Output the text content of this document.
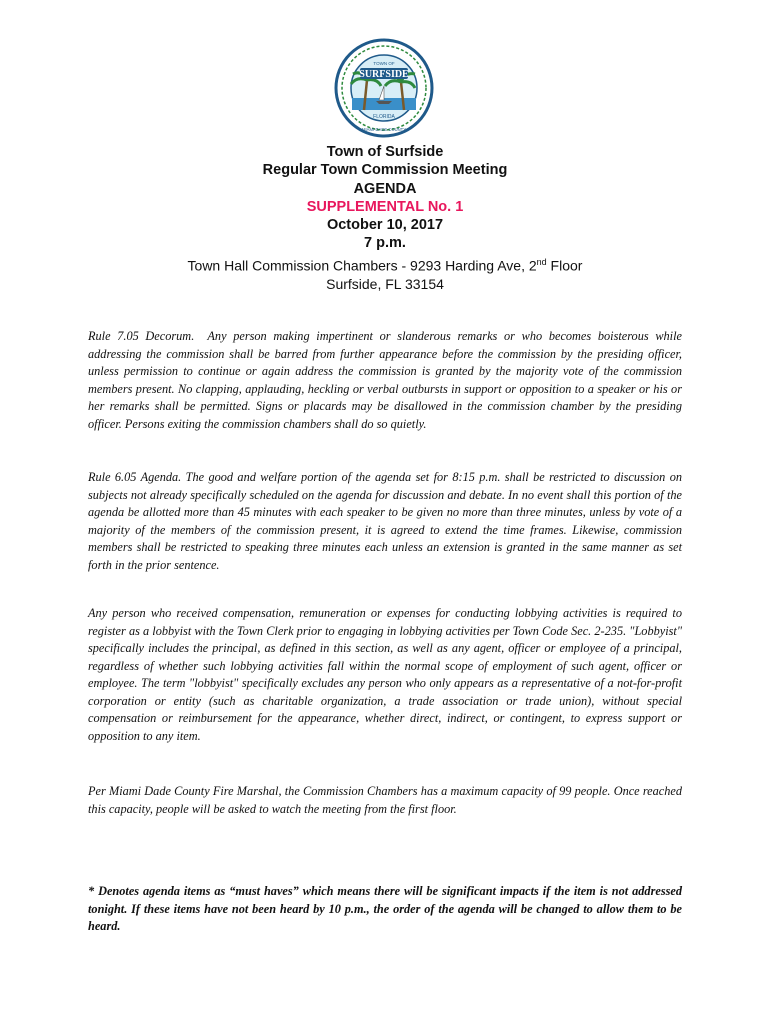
SURFSIDE
TOWN OF
FLORIDA
MIAMI-DADE COUNTY
Town of Surfside
Regular Town Commission Meeting
AGENDA
SUPPLEMENTAL No. 1
October 10, 2017
7 p.m.
Town Hall Commission Chambers - 9293 Harding Ave, 2nd Floor
Surfside, FL 33154

Rule 7.05 Decorum. Any person making impertinent or slanderous remarks or who becomes boisterous while addressing the commission shall be barred from further appearance before the commission by the presiding officer, unless permission to continue or again address the commission is granted by the majority vote of the commission members present. No clapping, applauding, heckling or verbal outbursts in support or opposition to a speaker or his or her remarks shall be permitted. Signs or placards may be disallowed in the commission chamber by the presiding officer. Persons exiting the commission chambers shall do so quietly.

Rule 6.05 Agenda. The good and welfare portion of the agenda set for 8:15 p.m. shall be restricted to discussion on subjects not already specifically scheduled on the agenda for discussion and debate. In no event shall this portion of the agenda be allotted more than 45 minutes with each speaker to be given no more than three minutes, unless by vote of a majority of the members of the commission present, it is agreed to extend the time frames. Likewise, commission members shall be restricted to speaking three minutes each unless an extension is granted in the same manner as set forth in the prior sentence.

Any person who received compensation, remuneration or expenses for conducting lobbying activities is required to register as a lobbyist with the Town Clerk prior to engaging in lobbying activities per Town Code Sec. 2-235. "Lobbyist" specifically includes the principal, as defined in this section, as well as any agent, officer or employee of a principal, regardless of whether such lobbying activities fall within the normal scope of employment of such agent, officer or employee. The term "lobbyist" specifically excludes any person who only appears as a representative of a not-for-profit corporation or entity (such as charitable organization, a trade association or trade union), without special compensation or reimbursement for the appearance, whether direct, indirect, or contingent, to express support or opposition to any item.

Per Miami Dade County Fire Marshal, the Commission Chambers has a maximum capacity of 99 people. Once reached this capacity, people will be asked to watch the meeting from the first floor.

* Denotes agenda items as “must haves” which means there will be significant impacts if the item is not addressed tonight. If these items have not been heard by 10 p.m., the order of the agenda will be changed to allow them to be heard.
